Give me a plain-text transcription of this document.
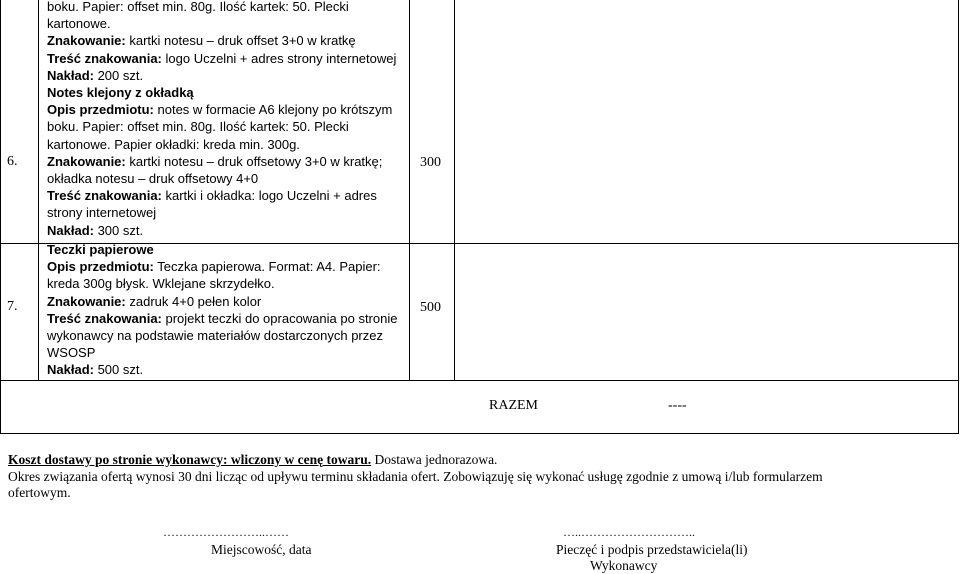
6.
boku. Papier: offset min. 80g. Ilość kartek: 50. Plecki
kartonowe.
Znakowanie: kartki notesu – druk offset 3+0 w kratkę
Treść znakowania: logo Uczelni + adres strony internetowej
Nakład: 200 szt.
Notes klejony z okładką
Opis przedmiotu: notes w formacie A6 klejony po krótszym
boku. Papier: offset min. 80g. Ilość kartek: 50. Plecki
kartonowe. Papier okładki: kreda min. 300g.
Znakowanie: kartki notesu – druk offsetowy 3+0 w kratkę;
okładka notesu – druk offsetowy 4+0
Treść znakowania: kartki i okładka: logo Uczelni + adres
strony internetowej
Nakład: 300 szt.
300
7.
Teczki papierowe
Opis przedmiotu: Teczka papierowa. Format: A4. Papier:
kreda 300g błysk. Wklejane skrzydełko.
Znakowanie: zadruk 4+0 pełen kolor
Treść znakowania: projekt teczki do opracowania po stronie
wykonawcy na podstawie materiałów dostarczonych przez
WSOSP
Nakład: 500 szt.
500
RAZEM	----
Koszt dostawy po stronie wykonawcy: wliczony w cenę towaru. Dostawa jednorazowa.
Okres związania ofertą wynosi 30 dni licząc od upływu terminu składania ofert. Zobowiązuję się wykonać usługę zgodnie z umową i/lub formularzem
ofertowym.
……………………..……
Miejscowość, data
…..………………………..
Pieczęć i podpis przedstawiciela(li)
Wykonawcy
